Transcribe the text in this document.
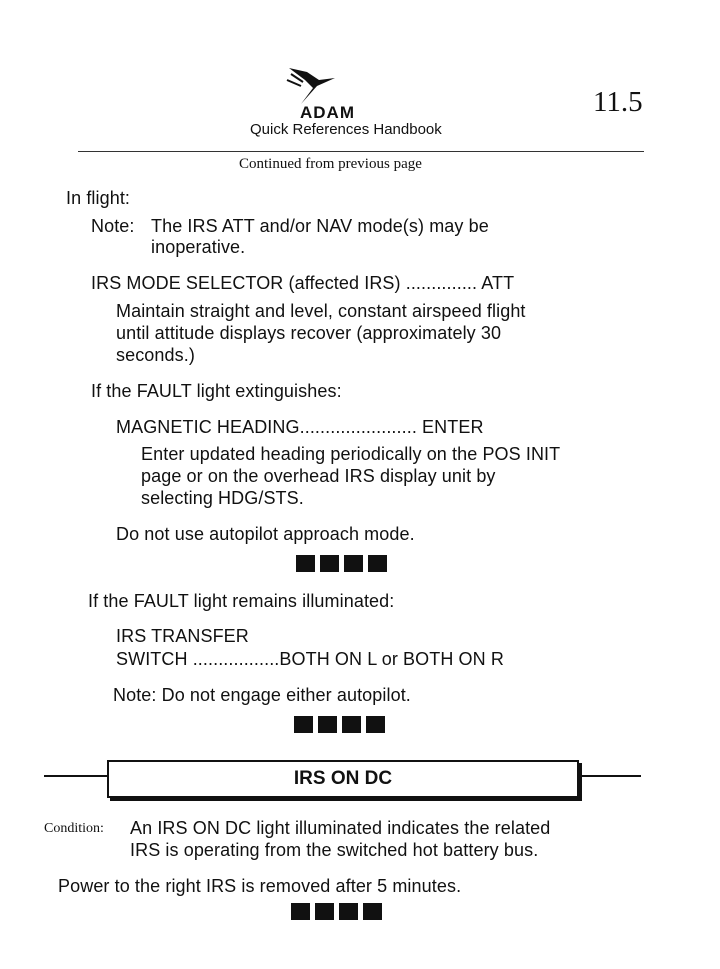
ADAM
Quick References Handbook
11.5
Continued from previous page
In flight:
Note: The IRS ATT and/or NAV mode(s) may be
inoperative.
IRS MODE SELECTOR (affected IRS) .............. ATT
Maintain straight and level, constant airspeed flight
until attitude displays recover (approximately 30
seconds.)
If the FAULT light extinguishes:
MAGNETIC HEADING....................... ENTER
Enter updated heading periodically on the POS INIT
page or on the overhead IRS display unit by
selecting HDG/STS.
Do not use autopilot approach mode.
If the FAULT light remains illuminated:
IRS TRANSFER
SWITCH .................BOTH ON L or BOTH ON R
Note: Do not engage either autopilot.
IRS ON DC
Condition: An IRS ON DC light illuminated indicates the related
IRS is operating from the switched hot battery bus.
Power to the right IRS is removed after 5 minutes.
